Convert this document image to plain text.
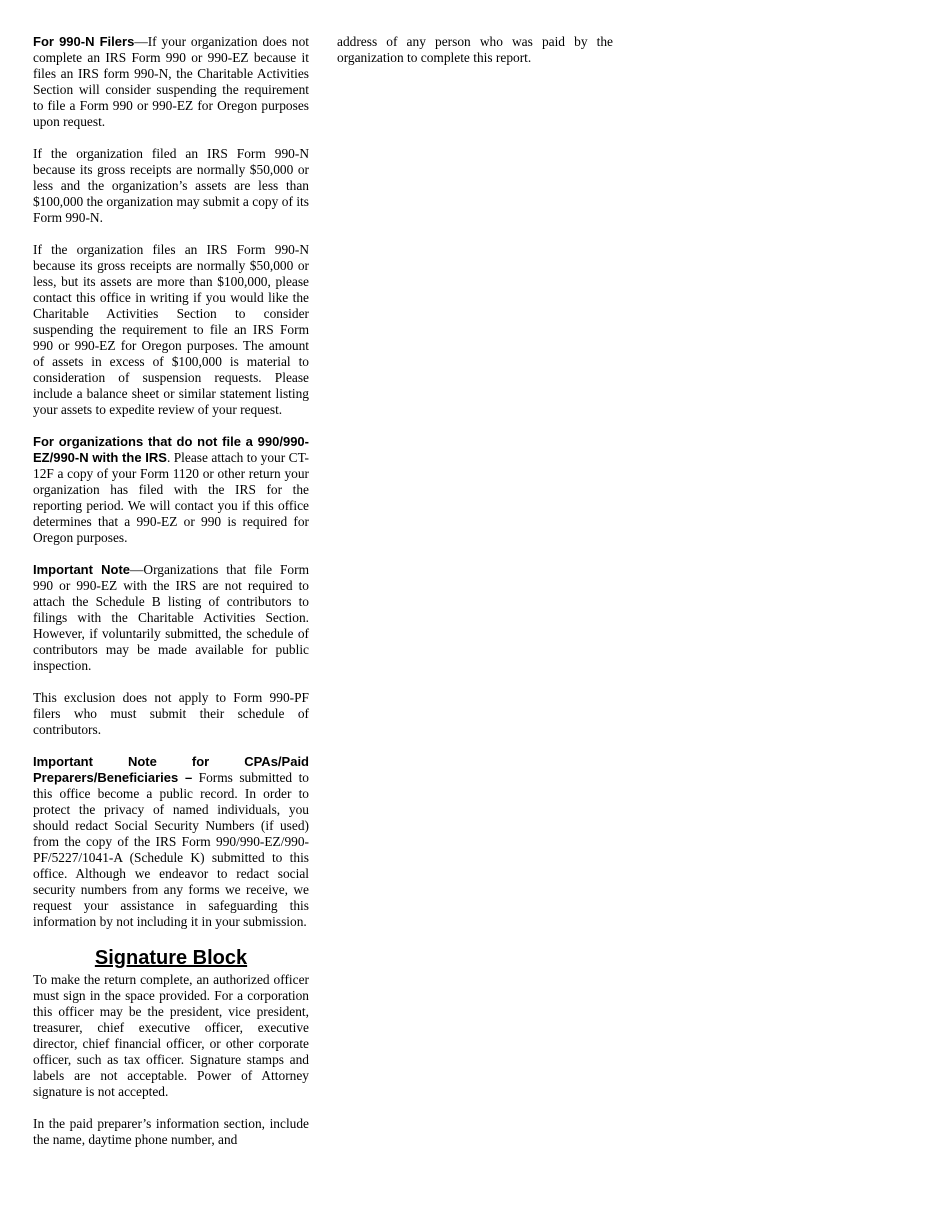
For 990-N Filers—If your organization does not complete an IRS Form 990 or 990-EZ because it files an IRS form 990-N, the Charitable Activities Section will consider suspending the requirement to file a Form 990 or 990-EZ for Oregon purposes upon request.

If the organization filed an IRS Form 990-N because its gross receipts are normally $50,000 or less and the organization’s assets are less than $100,000 the organization may submit a copy of its Form 990-N.

If the organization files an IRS Form 990-N because its gross receipts are normally $50,000 or less, but its assets are more than $100,000, please contact this office in writing if you would like the Charitable Activities Section to consider suspending the requirement to file an IRS Form 990 or 990-EZ for Oregon purposes. The amount of assets in excess of $100,000 is material to consideration of suspension requests. Please include a balance sheet or similar statement listing your assets to expedite review of your request.

For organizations that do not file a 990/990-EZ/990-N with the IRS. Please attach to your CT-12F a copy of your Form 1120 or other return your organization has filed with the IRS for the reporting period. We will contact you if this office determines that a 990-EZ or 990 is required for Oregon purposes.

Important Note—Organizations that file Form 990 or 990-EZ with the IRS are not required to attach the Schedule B listing of contributors to filings with the Charitable Activities Section. However, if voluntarily submitted, the schedule of contributors may be made available for public inspection.

This exclusion does not apply to Form 990-PF filers who must submit their schedule of contributors.

Important Note for CPAs/Paid Preparers/Beneficiaries – Forms submitted to this office become a public record. In order to protect the privacy of named individuals, you should redact Social Security Numbers (if used) from the copy of the IRS Form 990/990-EZ/990-PF/5227/1041-A (Schedule K) submitted to this office. Although we endeavor to redact social security numbers from any forms we receive, we request your assistance in safeguarding this information by not including it in your submission.

Signature Block

To make the return complete, an authorized officer must sign in the space provided. For a corporation this officer may be the president, vice president, treasurer, chief executive officer, executive director, chief financial officer, or other corporate officer, such as tax officer. Signature stamps and labels are not acceptable. Power of Attorney signature is not accepted.

In the paid preparer’s information section, include the name, daytime phone number, and

address of any person who was paid by the organization to complete this report.
